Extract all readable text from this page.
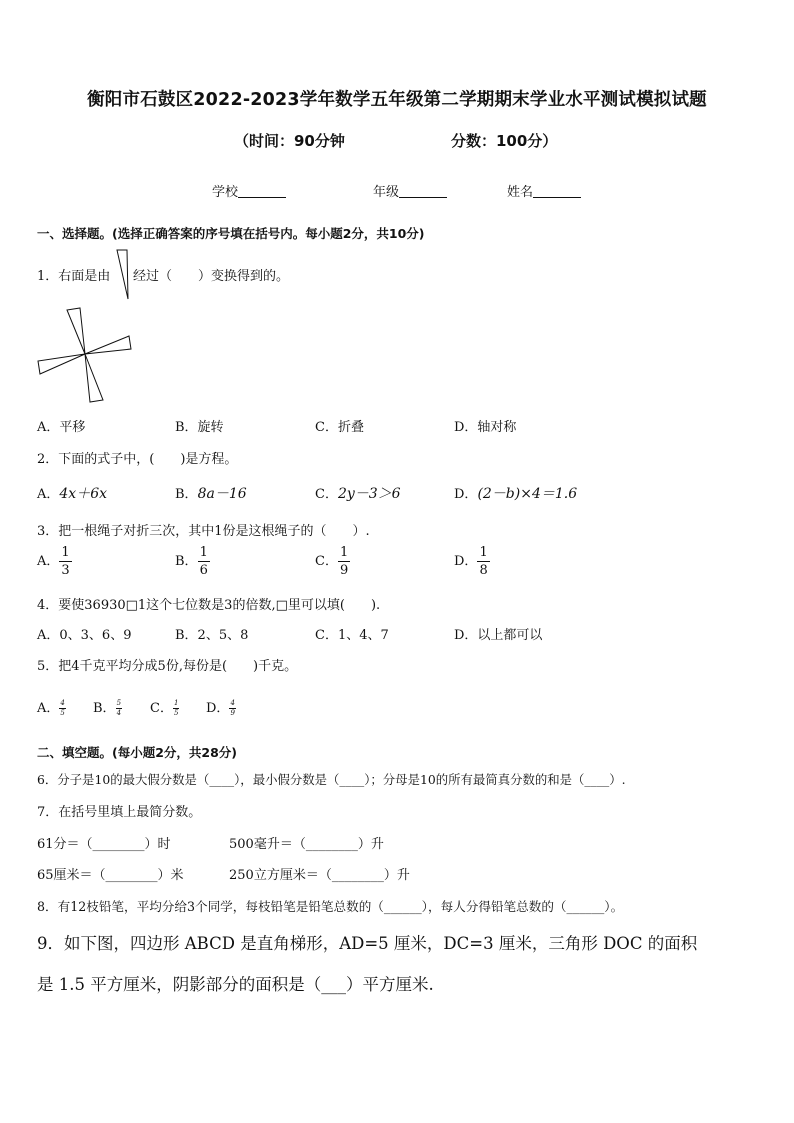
衡阳市石鼓区2022-2023学年数学五年级第二学期期末学业水平测试模拟试题
（时间：90分钟	分数：100分）
学校	年级	姓名
一、选择题。(选择正确答案的序号填在括号内。每小题2分，共10分)
1．右面是由 经过（　　）变换得到的。
A．平移	B．旋转	C．折叠	D．轴对称
2．下面的式子中，(　　)是方程。
A．4x＋6x	B．8a－16	C．2y－3＞6	D．(2－b)×4＝1.6
3．把一根绳子对折三次，其中1份是这根绳子的（　　）.
A． $\frac{1}{3}$	B． $\frac{1}{6}$	C． $\frac{1}{9}$	D． $\frac{1}{8}$
4．要使36930□1这个七位数是3的倍数,□里可以填(　　).
A．0、3、6、9	B．2、5、8	C．1、4、7	D．以上都可以
5．把4千克平均分成5份,每份是(　　)千克。
A． $\frac{4}{5}$ B． $\frac{5}{4}$ C． $\frac{1}{5}$ D． $\frac{4}{9}$
二、填空题。(每小题2分，共28分)
6．分子是10的最大假分数是（____），最小假分数是（____）；分母是10的所有最简真分数的和是（____）.
7．在括号里填上最简分数。
61分＝（________）时	500毫升＝（________）升
65厘米＝（________）米	250立方厘米＝（________）升
8．有12枝铅笔，平均分给3个同学，每枝铅笔是铅笔总数的（______），每人分得铅笔总数的（______）。
9．如下图，四边形 ABCD 是直角梯形，AD=5 厘米，DC=3 厘米，三角形 DOC 的面积
是 1.5 平方厘米，阴影部分的面积是（___）平方厘米.
